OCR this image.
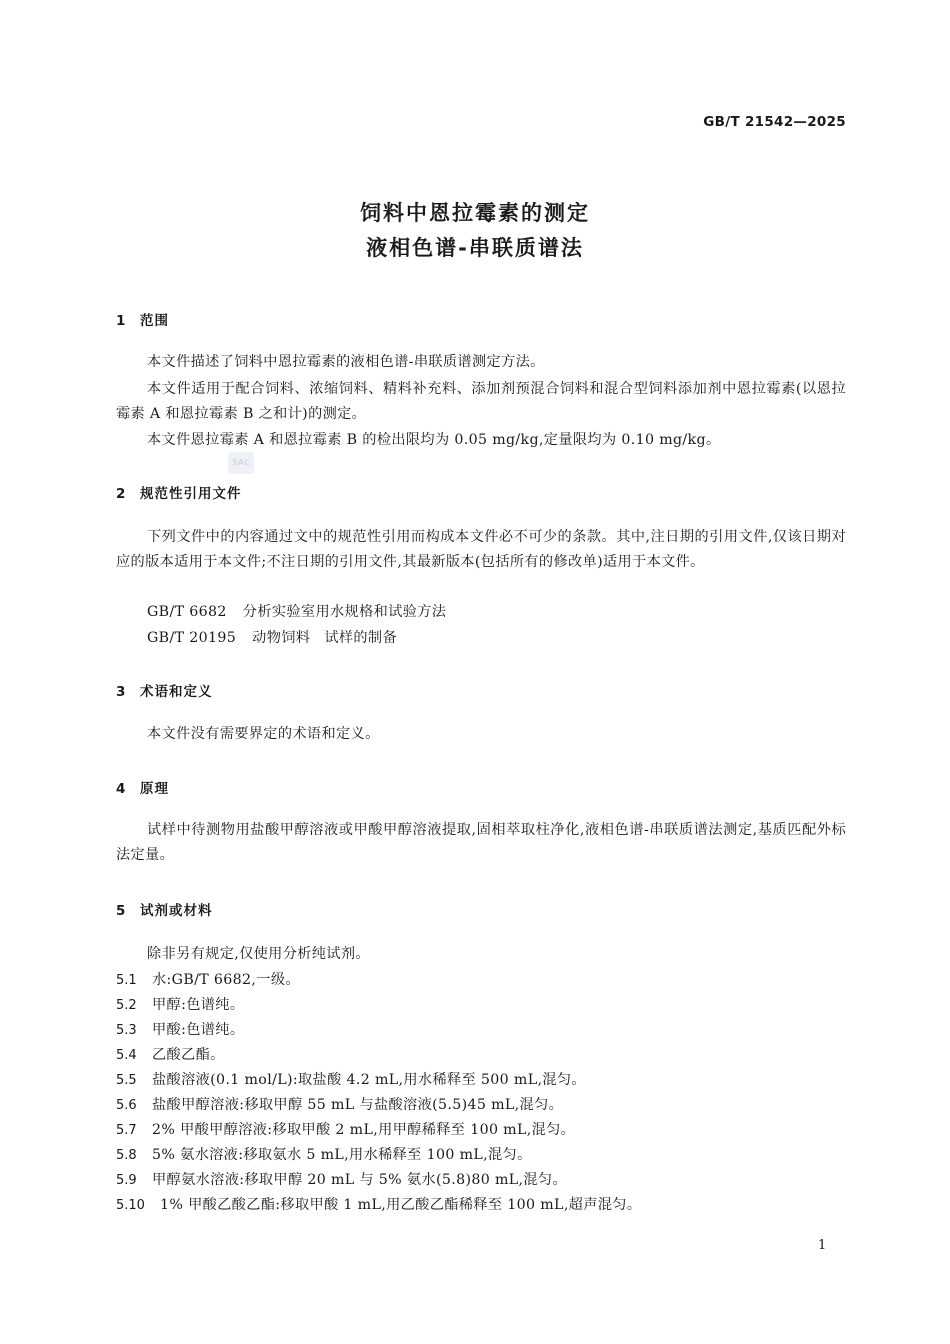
GB/T 21542—2025
饲料中恩拉霉素的测定
液相色谱-串联质谱法
1 范围
本文件描述了饲料中恩拉霉素的液相色谱-串联质谱测定方法。
本文件适用于配合饲料、浓缩饲料、精料补充料、添加剂预混合饲料和混合型饲料添加剂中恩拉霉素(以恩拉霉素 A 和恩拉霉素 B 之和计)的测定。
本文件恩拉霉素 A 和恩拉霉素 B 的检出限均为 0.05 mg/kg,定量限均为 0.10 mg/kg。
SAC
2 规范性引用文件
下列文件中的内容通过文中的规范性引用而构成本文件必不可少的条款。其中,注日期的引用文件,仅该日期对应的版本适用于本文件;不注日期的引用文件,其最新版本(包括所有的修改单)适用于本文件。
GB/T 6682 分析实验室用水规格和试验方法
GB/T 20195 动物饲料 试样的制备
3 术语和定义
本文件没有需要界定的术语和定义。
4 原理
试样中待测物用盐酸甲醇溶液或甲酸甲醇溶液提取,固相萃取柱净化,液相色谱-串联质谱法测定,基质匹配外标法定量。
5 试剂或材料
除非另有规定,仅使用分析纯试剂。
5.1 水:GB/T 6682,一级。
5.2 甲醇:色谱纯。
5.3 甲酸:色谱纯。
5.4 乙酸乙酯。
5.5 盐酸溶液(0.1 mol/L):取盐酸 4.2 mL,用水稀释至 500 mL,混匀。
5.6 盐酸甲醇溶液:移取甲醇 55 mL 与盐酸溶液(5.5)45 mL,混匀。
5.7 2% 甲酸甲醇溶液:移取甲酸 2 mL,用甲醇稀释至 100 mL,混匀。
5.8 5% 氨水溶液:移取氨水 5 mL,用水稀释至 100 mL,混匀。
5.9 甲醇氨水溶液:移取甲醇 20 mL 与 5% 氨水(5.8)80 mL,混匀。
5.10 1% 甲酸乙酸乙酯:移取甲酸 1 mL,用乙酸乙酯稀释至 100 mL,超声混匀。
1
